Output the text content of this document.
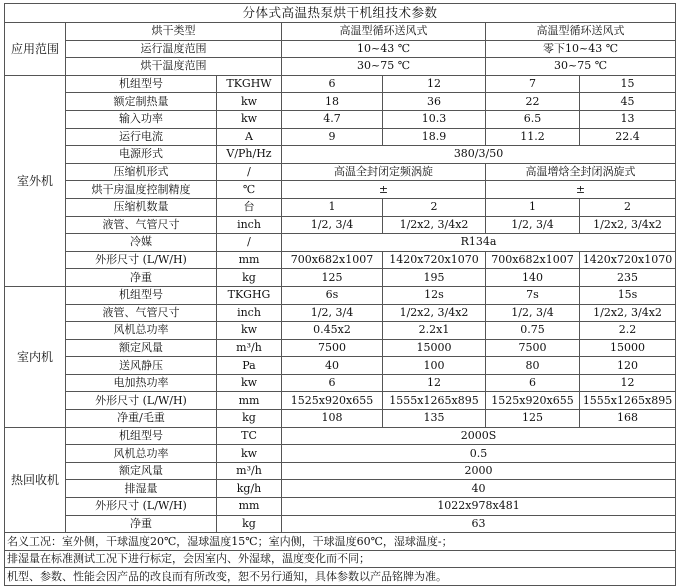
分体式高温热泵烘干机组技术参数						
应用范围	烘干类型		高温型循环送风式		高温型循环送风式	
	运行温度范围		10~43 ℃		零下10~43 ℃	
	烘干温度范围		30~75 ℃		30~75 ℃	
室外机	机组型号	TKGHW	6	12	7	15
	额定制热量	kw	18	36	22	45
	输入功率	kw	4.7	10.3	6.5	13
	运行电流	A	9	18.9	11.2	22.4
	电源形式	V/Ph/Hz	380/3/50			
	压缩机形式	/	高温全封闭定频涡旋		高温增焓全封闭涡旋式	
	烘干房温度控制精度	℃	±		±	
	压缩机数量	台	1	2	1	2
	液管、气管尺寸	inch	1/2, 3/4	1/2x2, 3/4x2	1/2, 3/4	1/2x2, 3/4x2
	冷媒	/	R134a			
	外形尺寸 (L/W/H)	mm	700x682x1007	1420x720x1070	700x682x1007	1420x720x1070
	净重	kg	125	195	140	235
室内机	机组型号	TKGHG	6s	12s	7s	15s
	液管、气管尺寸	inch	1/2, 3/4	1/2x2, 3/4x2	1/2, 3/4	1/2x2, 3/4x2
	风机总功率	kw	0.45x2	2.2x1	0.75	2.2
	额定风量	m³/h	7500	15000	7500	15000
	送风静压	Pa	40	100	80	120
	电加热功率	kw	6	12	6	12
	外形尺寸 (L/W/H)	mm	1525x920x655	1555x1265x895	1525x920x655	1555x1265x895
	净重/毛重	kg	108	135	125	168
热回收机	机组型号	TC	2000S			
	风机总功率	kw	0.5			
	额定风量	m³/h	2000			
	排湿量	kg/h	40			
	外形尺寸 (L/W/H)	mm	1022x978x481			
	净重	kg	63			
名义工况：室外侧，干球温度20℃，湿球温度15℃；室内侧，干球温度60℃，湿球温度-；						
排湿量在标准测试工况下进行标定，会因室内、外湿球，温度变化而不同；						
机型、参数、性能会因产品的改良而有所改变，恕不另行通知，具体参数以产品铭牌为准。						
